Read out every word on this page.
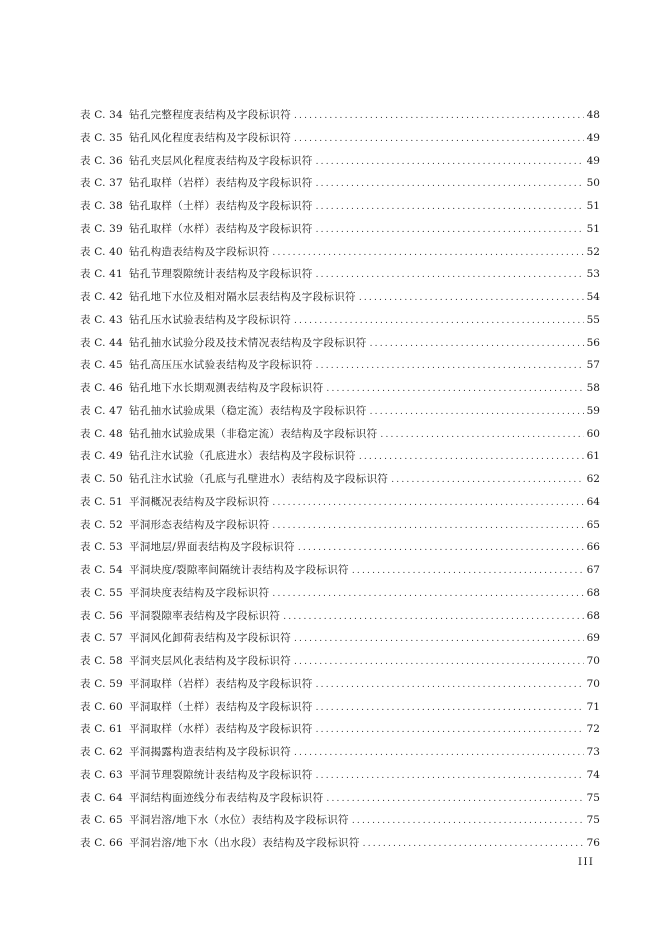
表 C. 34 钻孔完整程度表结构及字段标识符 .....	48
表 C. 35 钻孔风化程度表结构及字段标识符 .....	49
表 C. 36 钻孔夹层风化程度表结构及字段标识符 .....	49
表 C. 37 钻孔取样（岩样）表结构及字段标识符 .....	50
表 C. 38 钻孔取样（土样）表结构及字段标识符 .....	51
表 C. 39 钻孔取样（水样）表结构及字段标识符 .....	51
表 C. 40 钻孔构造表结构及字段标识符 .....	52
表 C. 41 钻孔节理裂隙统计表结构及字段标识符 .....	53
表 C. 42 钻孔地下水位及相对隔水层表结构及字段标识符 .....	54
表 C. 43 钻孔压水试验表结构及字段标识符 .....	55
表 C. 44 钻孔抽水试验分段及技术情况表结构及字段标识符 .....	56
表 C. 45 钻孔高压压水试验表结构及字段标识符 .....	57
表 C. 46 钻孔地下水长期观测表结构及字段标识符 .....	58
表 C. 47 钻孔抽水试验成果（稳定流）表结构及字段标识符 .....	59
表 C. 48 钻孔抽水试验成果（非稳定流）表结构及字段标识符 .....	60
表 C. 49 钻孔注水试验（孔底进水）表结构及字段标识符 .....	61
表 C. 50 钻孔注水试验（孔底与孔壁进水）表结构及字段标识符 .....	62
表 C. 51 平洞概况表结构及字段标识符 .....	64
表 C. 52 平洞形态表结构及字段标识符 .....	65
表 C. 53 平洞地层/界面表结构及字段标识符 .....	66
表 C. 54 平洞块度/裂隙率间隔统计表结构及字段标识符 .....	67
表 C. 55 平洞块度表结构及字段标识符 .....	68
表 C. 56 平洞裂隙率表结构及字段标识符 .....	68
表 C. 57 平洞风化卸荷表结构及字段标识符 .....	69
表 C. 58 平洞夹层风化表结构及字段标识符 .....	70
表 C. 59 平洞取样（岩样）表结构及字段标识符 .....	70
表 C. 60 平洞取样（土样）表结构及字段标识符 .....	71
表 C. 61 平洞取样（水样）表结构及字段标识符 .....	72
表 C. 62 平洞揭露构造表结构及字段标识符 .....	73
表 C. 63 平洞节理裂隙统计表结构及字段标识符 .....	74
表 C. 64 平洞结构面迹线分布表结构及字段标识符 .....	75
表 C. 65 平洞岩溶/地下水（水位）表结构及字段标识符 .....	75
表 C. 66 平洞岩溶/地下水（出水段）表结构及字段标识符 .....	76
III
